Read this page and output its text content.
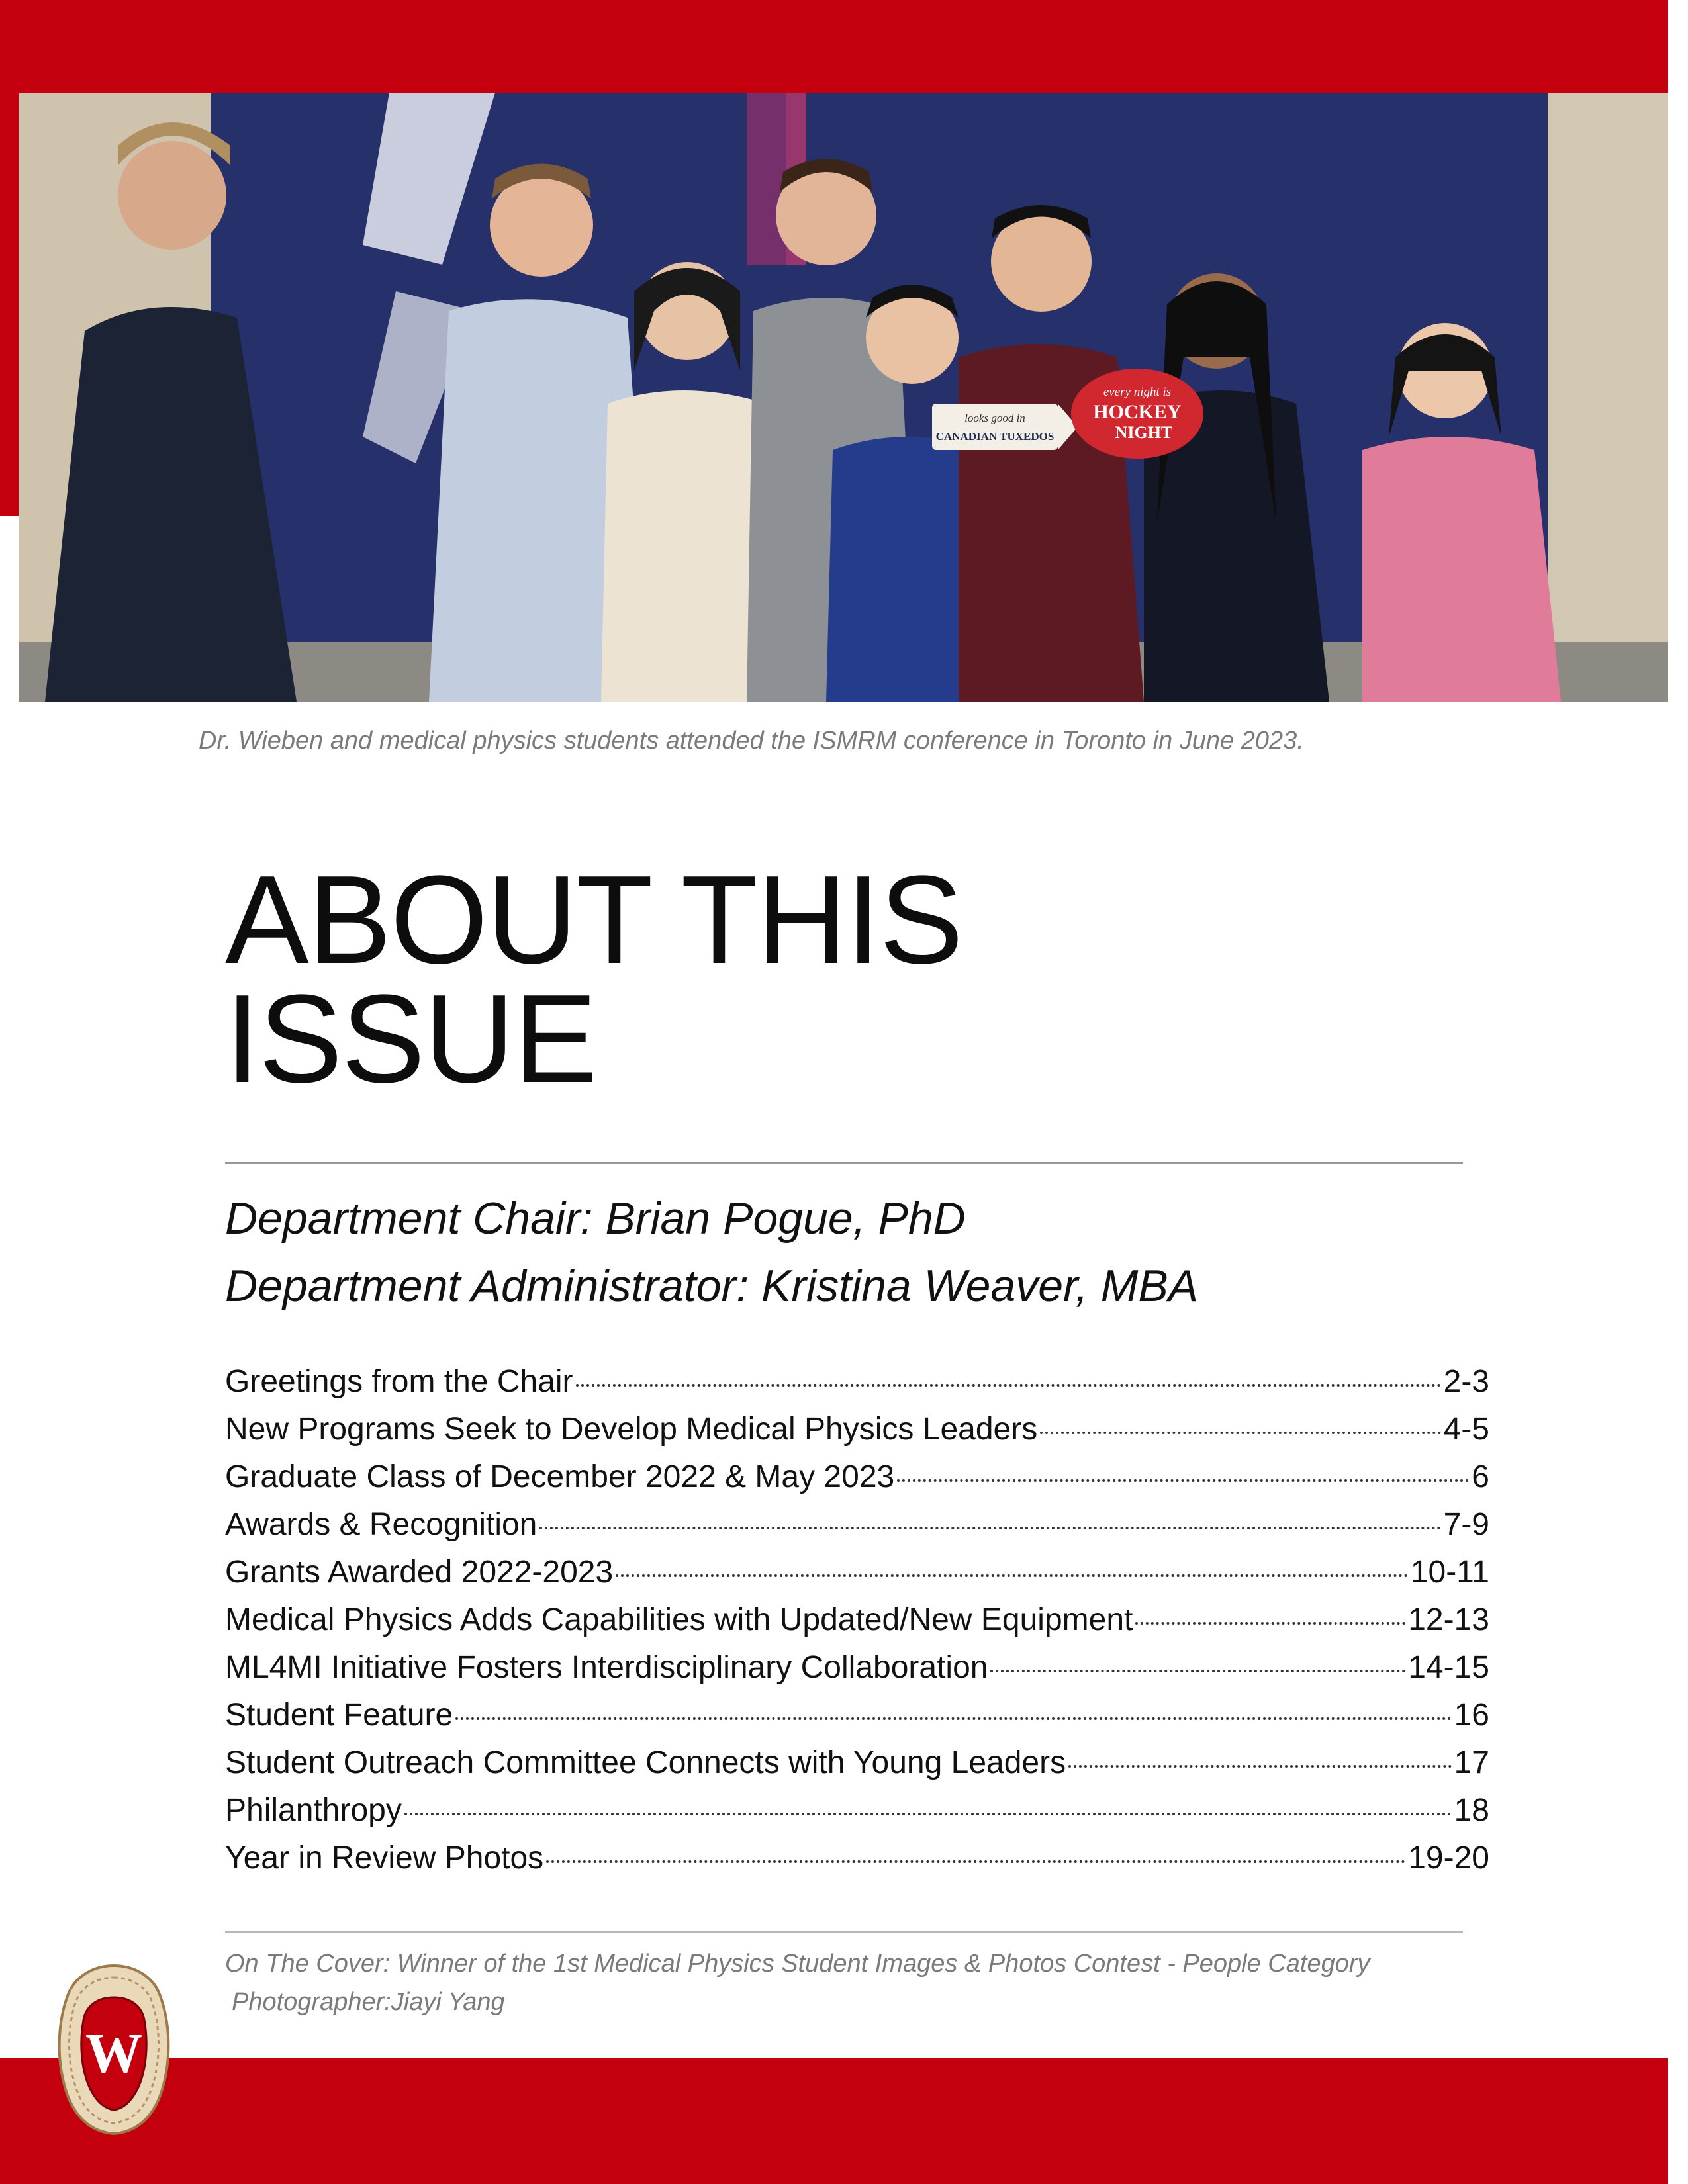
looks good in
CANADIAN TUXEDOS
every night is
HOCKEY
NIGHT
Dr. Wieben and medical physics students attended the ISMRM conference in Toronto in June 2023.
ABOUT THIS
ISSUE
Department Chair: Brian Pogue, PhD
Department Administrator: Kristina Weaver, MBA
Greetings from the Chair	2-3
New Programs Seek to Develop Medical Physics Leaders	4-5
Graduate Class of December 2022 & May 2023	6
Awards & Recognition	7-9
Grants Awarded 2022-2023	10-11
Medical Physics Adds Capabilities with Updated/New Equipment	12-13
ML4MI Initiative Fosters Interdisciplinary Collaboration	14-15
Student Feature	16
Student Outreach Committee Connects with Young Leaders	17
Philanthropy	18
Year in Review Photos	19-20
On The Cover: Winner of the 1st Medical Physics Student Images & Photos Contest - People Category
Photographer:Jiayi Yang
W
